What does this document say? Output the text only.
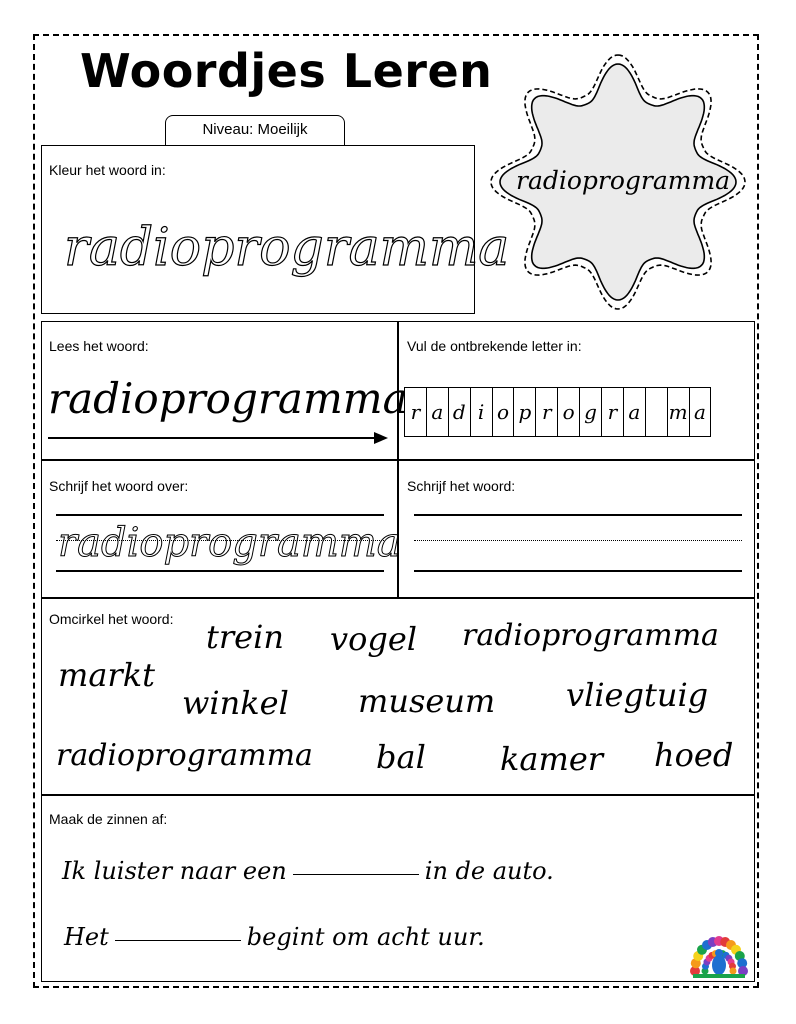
Woordjes Leren
Niveau: Moeilijk
radioprogramma
Kleur het woord in:
radioprogramma
Lees het woord:
radioprogramma
Vul de ontbrekende letter in:
r a d i o p r o g r a m a
Schrijf het woord over:
radioprogramma
Schrijf het woord:
Omcirkel het woord: trein vogel radioprogramma
markt
winkel museum vliegtuig
radioprogramma bal kamer hoed
Maak de zinnen af:
Ik luister naar een	in de auto.
Het	begint om acht uur.
